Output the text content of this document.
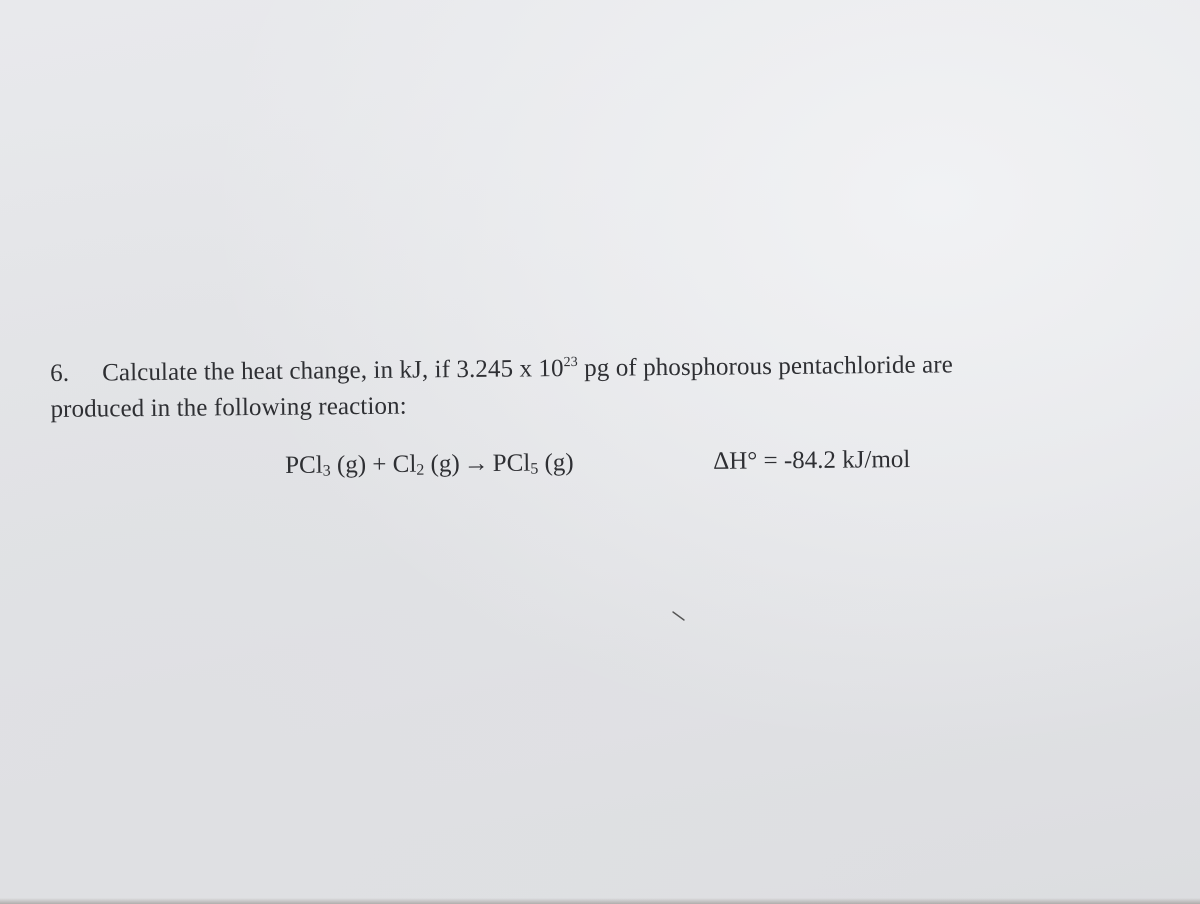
6. Calculate the heat change, in kJ, if 3.245 x $10^{23}$ pg of phosphorous pentachloride are
produced in the following reaction:
PCl$_3$ $(g) + Cl_2$ (g) → PCl$_5$ (g)	ΔH° = -84.2 kJ/mol
